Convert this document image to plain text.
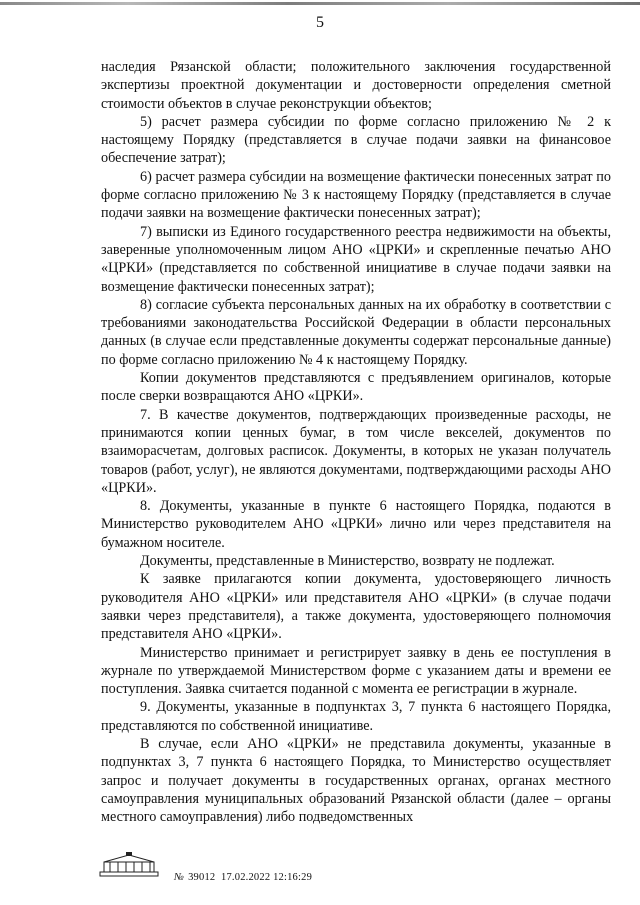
5

наследия Рязанской области; положительного заключения государственной экспертизы проектной документации и достоверности определения сметной стоимости объектов в случае реконструкции объектов;

5) расчет размера субсидии по форме согласно приложению № 2 к настоящему Порядку (представляется в случае подачи заявки на финансовое обеспечение затрат);

6) расчет размера субсидии на возмещение фактически понесенных затрат по форме согласно приложению № 3 к настоящему Порядку (представляется в случае подачи заявки на возмещение фактически понесенных затрат);

7) выписки из Единого государственного реестра недвижимости на объекты, заверенные уполномоченным лицом АНО «ЦРКИ» и скрепленные печатью АНО «ЦРКИ» (представляется по собственной инициативе в случае подачи заявки на возмещение фактически понесенных затрат);

8) согласие субъекта персональных данных на их обработку в соответствии с требованиями законодательства Российской Федерации в области персональных данных (в случае если представленные документы содержат персональные данные) по форме согласно приложению № 4 к настоящему Порядку.

Копии документов представляются с предъявлением оригиналов, которые после сверки возвращаются АНО «ЦРКИ».

7. В качестве документов, подтверждающих произведенные расходы, не принимаются копии ценных бумаг, в том числе векселей, документов по взаиморасчетам, долговых расписок. Документы, в которых не указан получатель товаров (работ, услуг), не являются документами, подтверждающими расходы АНО «ЦРКИ».

8. Документы, указанные в пункте 6 настоящего Порядка, подаются в Министерство руководителем АНО «ЦРКИ» лично или через представителя на бумажном носителе.

Документы, представленные в Министерство, возврату не подлежат.

К заявке прилагаются копии документа, удостоверяющего личность руководителя АНО «ЦРКИ» или представителя АНО «ЦРКИ» (в случае подачи заявки через представителя), а также документа, удостоверяющего полномочия представителя АНО «ЦРКИ».

Министерство принимает и регистрирует заявку в день ее поступления в журнале по утверждаемой Министерством форме с указанием даты и времени ее поступления. Заявка считается поданной с момента ее регистрации в журнале.

9. Документы, указанные в подпунктах 3, 7 пункта 6 настоящего Порядка, представляются по собственной инициативе.

В случае, если АНО «ЦРКИ» не представила документы, указанные в подпунктах 3, 7 пункта 6 настоящего Порядка, то Министерство осуществляет запрос и получает документы в государственных органах, органах местного самоуправления муниципальных образований Рязанской области (далее – органы местного самоуправления) либо подведомственных

№ 39012 17.02.2022 12:16:29
